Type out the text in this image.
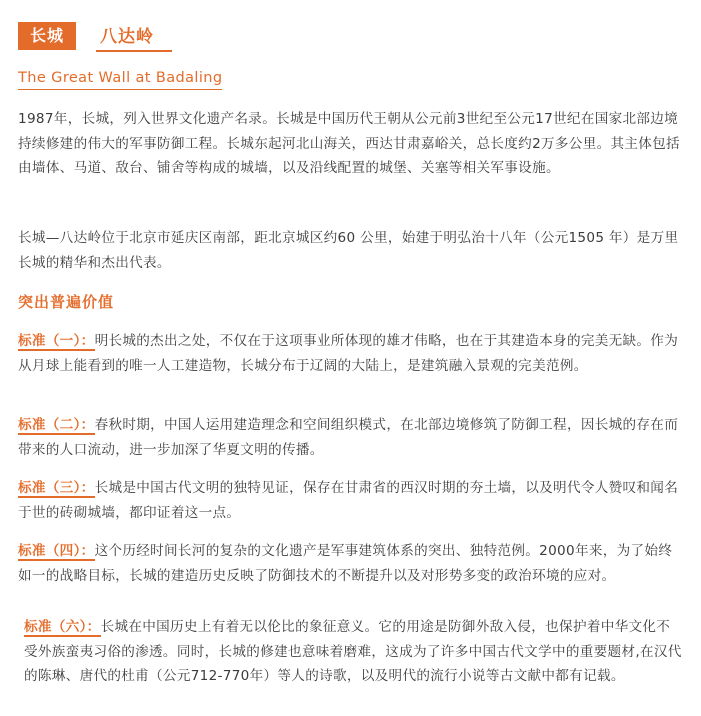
长城	八达岭
The Great Wall at Badaling

1987年，长城，列入世界文化遗产名录。长城是中国历代王朝从公元前3世纪至公元17世纪在国家北部边境持续修建的伟大的军事防御工程。长城东起河北山海关，西达甘肃嘉峪关，总长度约2万多公里。其主体包括由墙体、马道、敌台、铺舍等构成的城墙，以及沿线配置的城堡、关塞等相关军事设施。

长城—八达岭位于北京市延庆区南部，距北京城区约60 公里，始建于明弘治十八年（公元1505 年）是万里长城的精华和杰出代表。

突出普遍价值

标准（一）：明长城的杰出之处，不仅在于这项事业所体现的雄才伟略，也在于其建造本身的完美无缺。作为从月球上能看到的唯一人工建造物，长城分布于辽阔的大陆上，是建筑融入景观的完美范例。

标准（二）：春秋时期，中国人运用建造理念和空间组织模式，在北部边境修筑了防御工程，因长城的存在而带来的人口流动，进一步加深了华夏文明的传播。

标准（三）：长城是中国古代文明的独特见证，保存在甘肃省的西汉时期的夯土墙，以及明代令人赞叹和闻名于世的砖砌城墙，都印证着这一点。

标准（四）：这个历经时间长河的复杂的文化遗产是军事建筑体系的突出、独特范例。2000年来，为了始终如一的战略目标，长城的建造历史反映了防御技术的不断提升以及对形势多变的政治环境的应对。

标准（六）：长城在中国历史上有着无以伦比的象征意义。它的用途是防御外敌入侵，也保护着中华文化不受外族蛮夷习俗的渗透。同时，长城的修建也意味着磨难，这成为了许多中国古代文学中的重要题材,在汉代的陈琳、唐代的杜甫（公元712-770年）等人的诗歌，以及明代的流行小说等古文献中都有记载。
